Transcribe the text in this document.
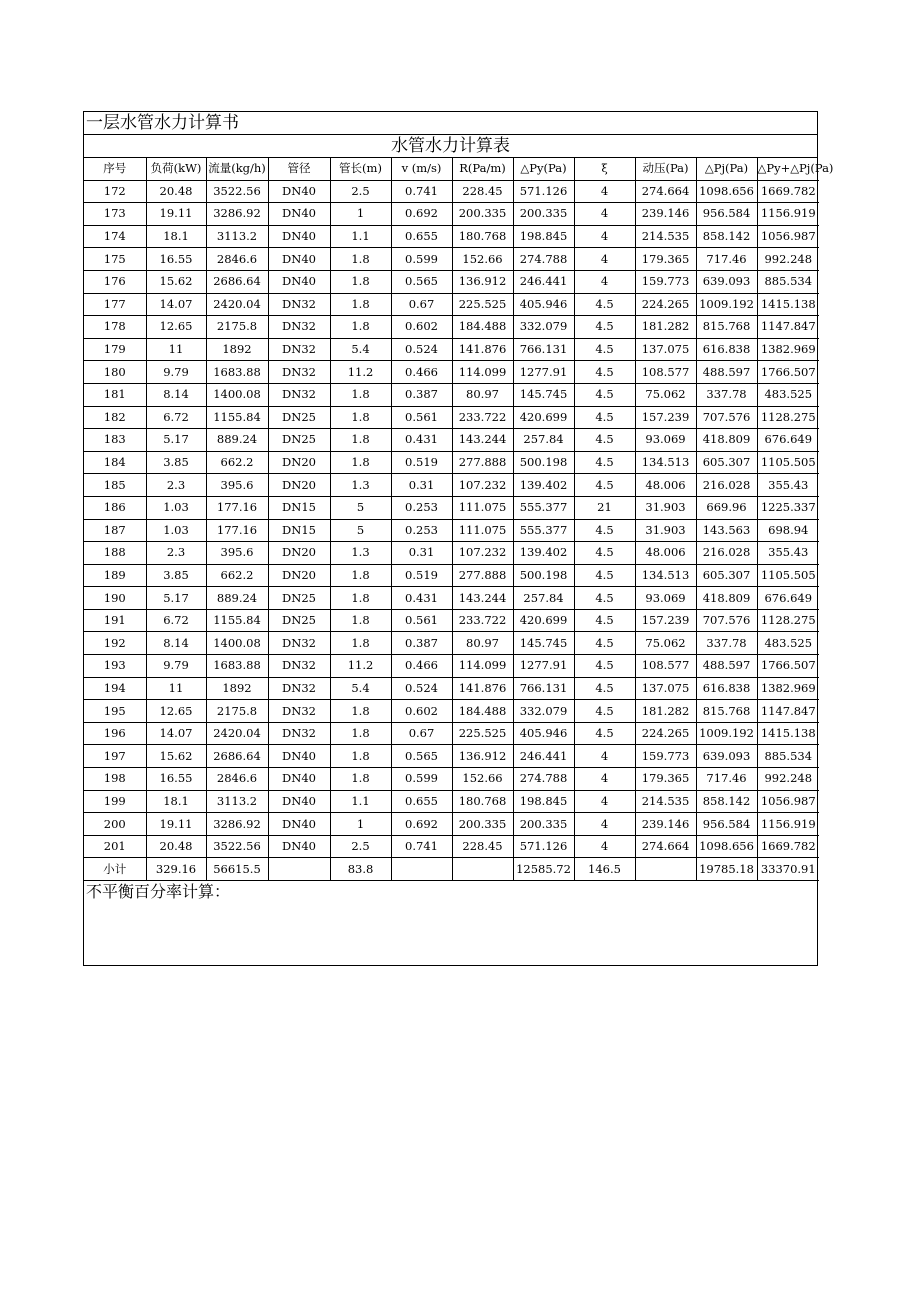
一层水管水力计算书
水管水力计算表
序号	负荷(kW)	流量(kg/h)	管径	管长(m)	v (m/s)	R(Pa/m)	△Py(Pa)	ξ	动压(Pa)	△Pj(Pa)	△Py+△Pj(Pa)
172	20.48	3522.56	DN40	2.5	0.741	228.45	571.126	4	274.664	1098.656	1669.782
173	19.11	3286.92	DN40	1	0.692	200.335	200.335	4	239.146	956.584	1156.919
174	18.1	3113.2	DN40	1.1	0.655	180.768	198.845	4	214.535	858.142	1056.987
175	16.55	2846.6	DN40	1.8	0.599	152.66	274.788	4	179.365	717.46	992.248
176	15.62	2686.64	DN40	1.8	0.565	136.912	246.441	4	159.773	639.093	885.534
177	14.07	2420.04	DN32	1.8	0.67	225.525	405.946	4.5	224.265	1009.192	1415.138
178	12.65	2175.8	DN32	1.8	0.602	184.488	332.079	4.5	181.282	815.768	1147.847
179	11	1892	DN32	5.4	0.524	141.876	766.131	4.5	137.075	616.838	1382.969
180	9.79	1683.88	DN32	11.2	0.466	114.099	1277.91	4.5	108.577	488.597	1766.507
181	8.14	1400.08	DN32	1.8	0.387	80.97	145.745	4.5	75.062	337.78	483.525
182	6.72	1155.84	DN25	1.8	0.561	233.722	420.699	4.5	157.239	707.576	1128.275
183	5.17	889.24	DN25	1.8	0.431	143.244	257.84	4.5	93.069	418.809	676.649
184	3.85	662.2	DN20	1.8	0.519	277.888	500.198	4.5	134.513	605.307	1105.505
185	2.3	395.6	DN20	1.3	0.31	107.232	139.402	4.5	48.006	216.028	355.43
186	1.03	177.16	DN15	5	0.253	111.075	555.377	21	31.903	669.96	1225.337
187	1.03	177.16	DN15	5	0.253	111.075	555.377	4.5	31.903	143.563	698.94
188	2.3	395.6	DN20	1.3	0.31	107.232	139.402	4.5	48.006	216.028	355.43
189	3.85	662.2	DN20	1.8	0.519	277.888	500.198	4.5	134.513	605.307	1105.505
190	5.17	889.24	DN25	1.8	0.431	143.244	257.84	4.5	93.069	418.809	676.649
191	6.72	1155.84	DN25	1.8	0.561	233.722	420.699	4.5	157.239	707.576	1128.275
192	8.14	1400.08	DN32	1.8	0.387	80.97	145.745	4.5	75.062	337.78	483.525
193	9.79	1683.88	DN32	11.2	0.466	114.099	1277.91	4.5	108.577	488.597	1766.507
194	11	1892	DN32	5.4	0.524	141.876	766.131	4.5	137.075	616.838	1382.969
195	12.65	2175.8	DN32	1.8	0.602	184.488	332.079	4.5	181.282	815.768	1147.847
196	14.07	2420.04	DN32	1.8	0.67	225.525	405.946	4.5	224.265	1009.192	1415.138
197	15.62	2686.64	DN40	1.8	0.565	136.912	246.441	4	159.773	639.093	885.534
198	16.55	2846.6	DN40	1.8	0.599	152.66	274.788	4	179.365	717.46	992.248
199	18.1	3113.2	DN40	1.1	0.655	180.768	198.845	4	214.535	858.142	1056.987
200	19.11	3286.92	DN40	1	0.692	200.335	200.335	4	239.146	956.584	1156.919
201	20.48	3522.56	DN40	2.5	0.741	228.45	571.126	4	274.664	1098.656	1669.782
小计	329.16	56615.5		83.8			12585.72	146.5		19785.18	33370.91
不平衡百分率计算：
